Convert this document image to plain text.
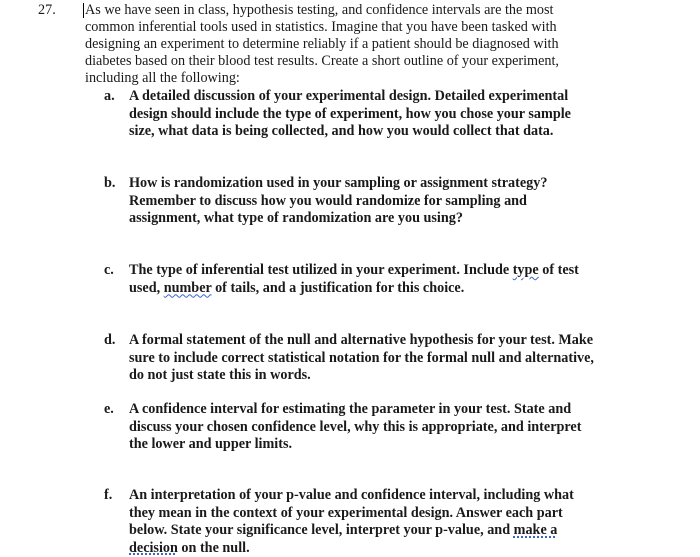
27. As we have seen in class, hypothesis testing, and confidence intervals are the most
common inferential tools used in statistics. Imagine that you have been tasked with
designing an experiment to determine reliably if a patient should be diagnosed with
diabetes based on their blood test results. Create a short outline of your experiment,
including all the following:
a.	A detailed discussion of your experimental design. Detailed experimental
design should include the type of experiment, how you chose your sample
size, what data is being collected, and how you would collect that data.
b. How is randomization used in your sampling or assignment strategy?
Remember to discuss how you would randomize for sampling and
assignment, what type of randomization are you using?
c.	The type of inferential test utilized in your experiment. Include type of test
used, number of tails, and a justification for this choice.
d. A formal statement of the null and alternative hypothesis for your test. Make
sure to include correct statistical notation for the formal null and alternative,
do not just state this in words.
e.	A confidence interval for estimating the parameter in your test. State and
discuss your chosen confidence level, why this is appropriate, and interpret
the lower and upper limits.
f.	An interpretation of your p-value and confidence interval, including what
they mean in the context of your experimental design. Answer each part
below. State your significance level, interpret your p-value, and make a
decision on the null.
